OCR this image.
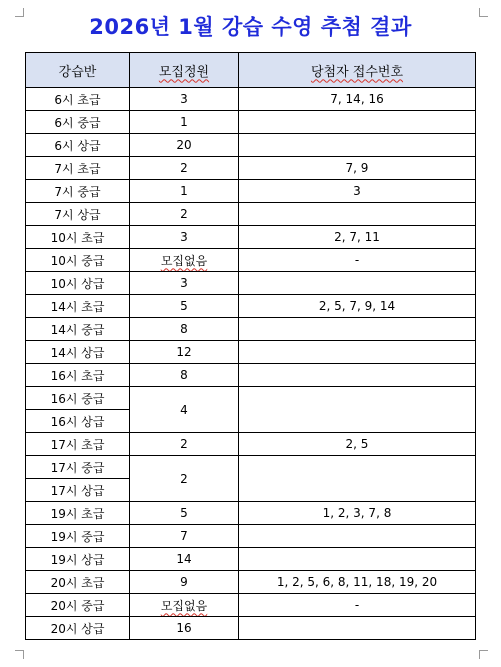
2026년 1월 강습 수영 추첨 결과
강습반	모집정원	당첨자 접수번호
6시 초급	3	7, 14, 16
6시 중급	1	
6시 상급	20	
7시 초급	2	7, 9
7시 중급	1	3
7시 상급	2	
10시 초급	3	2, 7, 11
10시 중급	모집없음	-
10시 상급	3	
14시 초급	5	2, 5, 7, 9, 14
14시 중급	8	
14시 상급	12	
16시 초급	8	
16시 중급	4	
16시 상급		
17시 초급	2	2, 5
17시 중급	2	
17시 상급		
19시 초급	5	1, 2, 3, 7, 8
19시 중급	7	
19시 상급	14	
20시 초급	9	1, 2, 5, 6, 8, 11, 18, 19, 20
20시 중급	모집없음	-
20시 상급	16	
